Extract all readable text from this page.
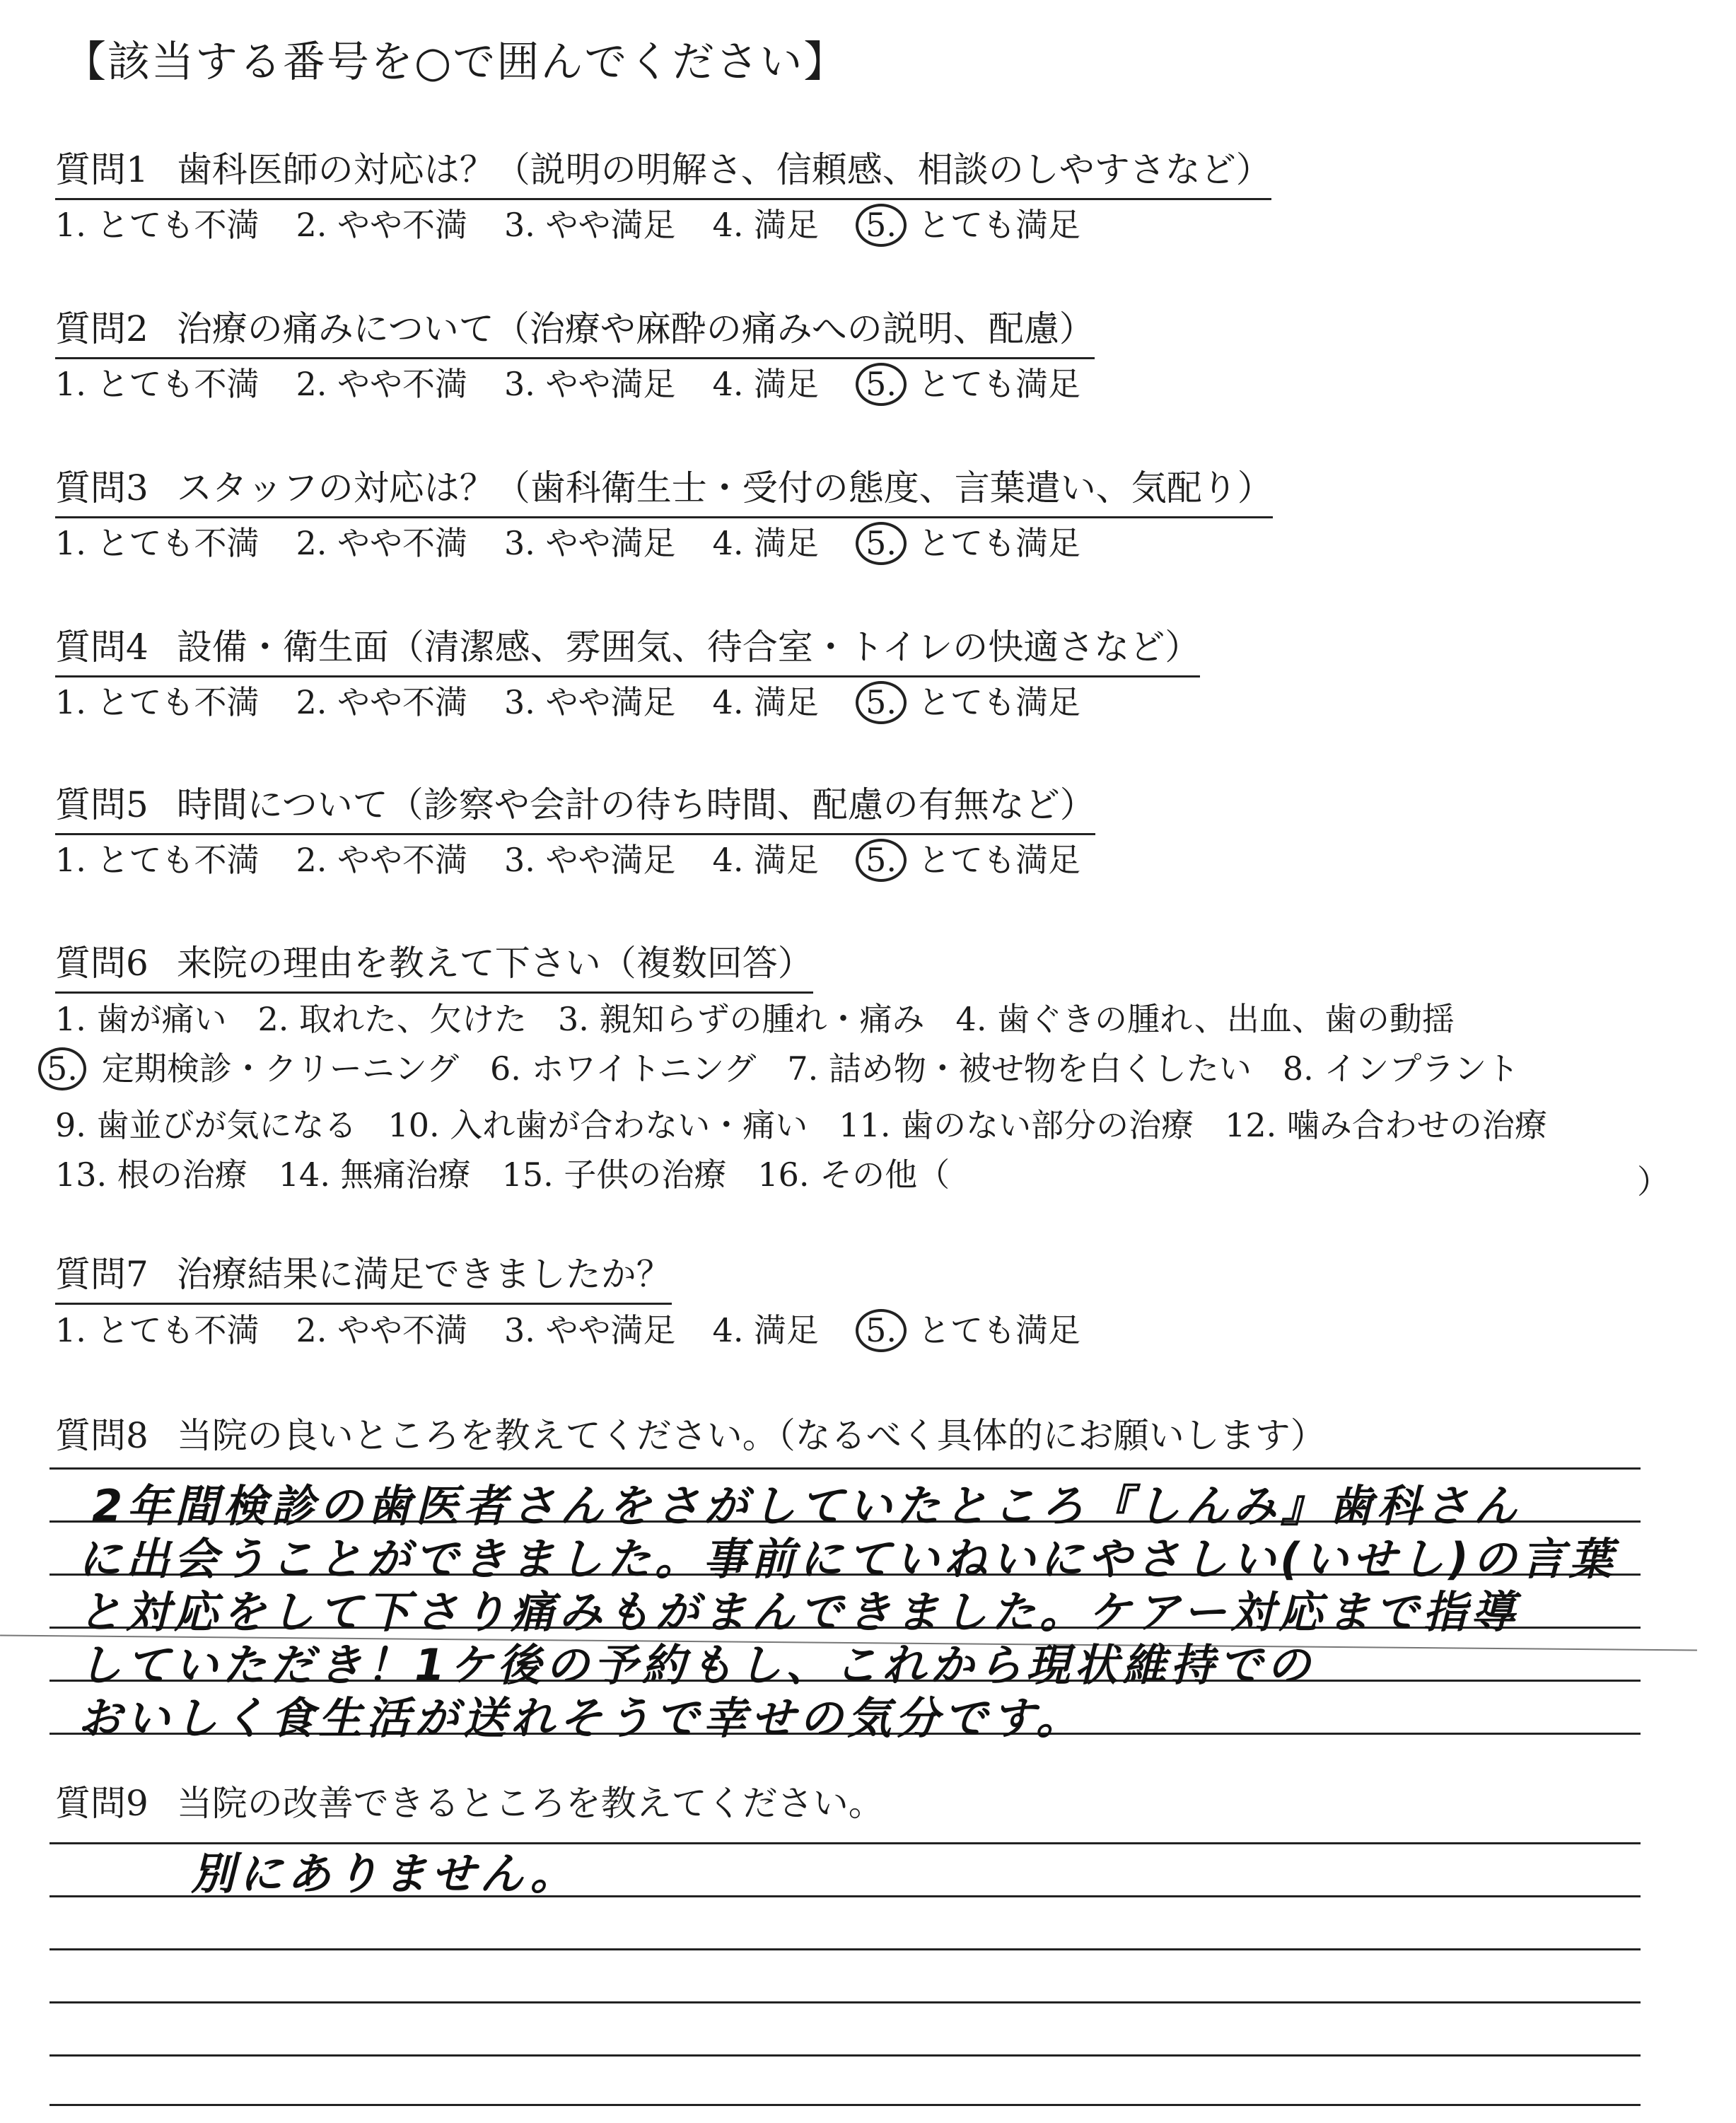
【該当する番号を○で囲んでください】
質問1 歯科医師の対応は？（説明の明解さ、信頼感、相談のしやすさなど）
1. とても不満 2. やや不満 3. やや満足 4. 満足 5. とても満足
質問2 治療の痛みについて（治療や麻酔の痛みへの説明、配慮）
1. とても不満 2. やや不満 3. やや満足 4. 満足 5. とても満足
質問3 スタッフの対応は？（歯科衛生士・受付の態度、言葉遣い、気配り）
1. とても不満 2. やや不満 3. やや満足 4. 満足 5. とても満足
質問4 設備・衛生面（清潔感、雰囲気、待合室・トイレの快適さなど）
1. とても不満 2. やや不満 3. やや満足 4. 満足 5. とても満足
質問5 時間について（診察や会計の待ち時間、配慮の有無など）
1. とても不満 2. やや不満 3. やや満足 4. 満足 5. とても満足
質問6 来院の理由を教えて下さい（複数回答）
1. 歯が痛い 2. 取れた、欠けた 3. 親知らずの腫れ・痛み 4. 歯ぐきの腫れ、出血、歯の動揺
5. 定期検診・クリーニング 6. ホワイトニング 7. 詰め物・被せ物を白くしたい 8. インプラント
9. 歯並びが気になる 10. 入れ歯が合わない・痛い 11. 歯のない部分の治療 12. 噛み合わせの治療
13. 根の治療 14. 無痛治療 15. 子供の治療 16. その他（	）
質問7 治療結果に満足できましたか？
1. とても不満 2. やや不満 3. やや満足 4. 満足 5. とても満足
質問8 当院の良いところを教えてください。（なるべく具体的にお願いします）
2年間検診の歯医者さんをさがしていたところ『しんみ』歯科さん
に出会うことができました。事前にていねいにやさしい(いせし)の言葉
と対応をして下さり痛みもがまんできました。ケアー対応まで指導
していただき！1ケ後の予約もし、これから現状維持での
おいしく食生活が送れそうで幸せの気分です。
質問9 当院の改善できるところを教えてください。
別にありません。
